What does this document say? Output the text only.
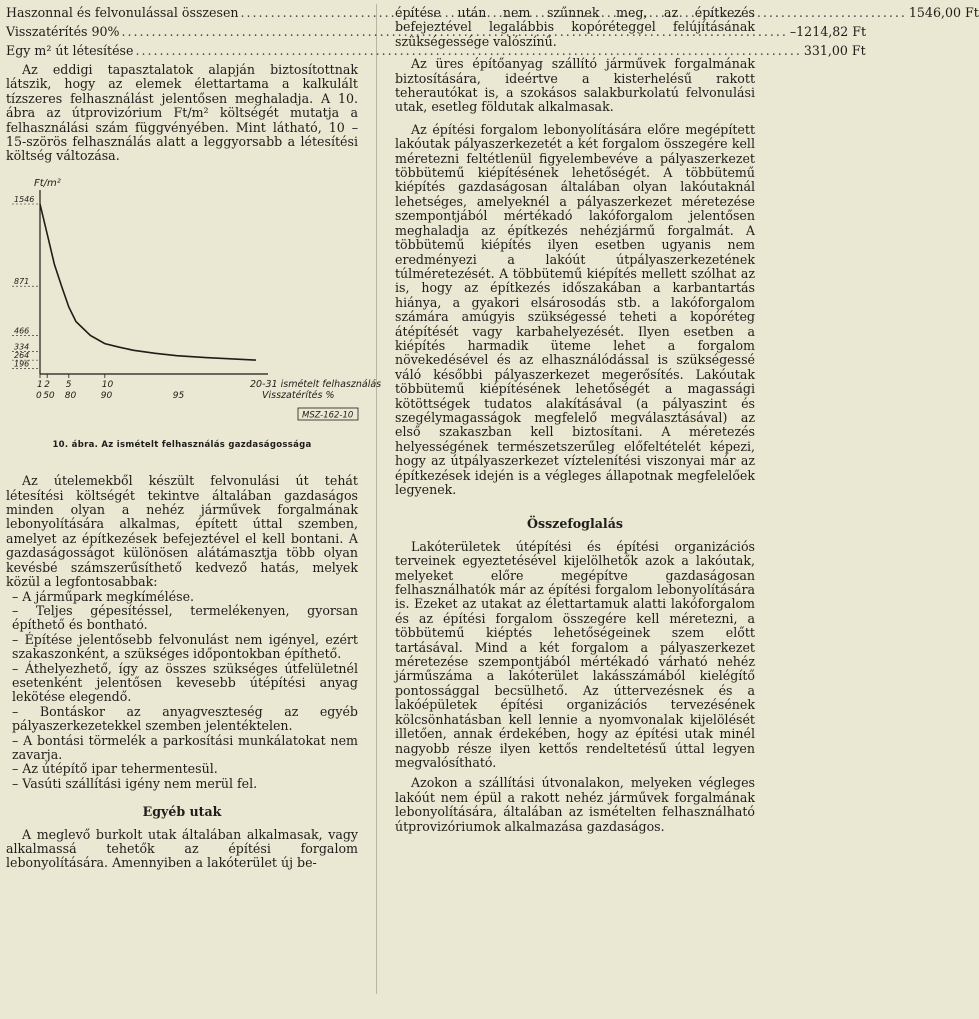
Haszonnal és felvonulással összesen .....	1546,00 Ft
Visszatérítés 90% .....	–1214,82 Ft
Egy m² út létesítése .....	331,00 Ft

Az eddigi tapasztalatok alapján biztosítottnak látszik, hogy az elemek élettartama a kalkulált tízszeres felhasználást jelentősen meghaladja. A 10. ábra az útprovizórium Ft/m² költségét mutatja a felhasználási szám függvényében. Mint látható, 10 – 15-szörös felhasználás alatt a leggyorsabb a létesítési költség változása.

Ft/m²
1546
871
466
334
264
196
1 2 5	10
0 50 80	90	95
20-31 ismételt felhasználás
Visszatérítés %
MSZ-162-10
10. ábra. Az ismételt felhasználás gazdaságossága

Az útelemekből készült felvonulási út tehát létesítési költségét tekintve általában gazdaságos minden olyan a nehéz járművek forgalmának lebonyolítására alkalmas, épített úttal szemben, amelyet az építkezések befejeztével el kell bontani. A gazdaságosságot különösen alátámasztja több olyan kevésbé számszerűsíthető kedvező hatás, melyek közül a legfontosabbak:

– A járműpark megkímélése.
– Teljes gépesítéssel, termelékenyen, gyorsan építhető és bontható.
– Építése jelentősebb felvonulást nem igényel, ezért szakaszonként, a szükséges időpontokban építhető.
– Áthelyezhető, így az összes szükséges útfelületnél esetenként jelentősen kevesebb útépítési anyag lekötése elegendő.
– Bontáskor az anyagveszteség az egyéb pályaszerkezetekkel szemben jelentéktelen.
– A bontási törmelék a parkosítási munkálatokat nem zavarja.
– Az útépítő ipar tehermentesül.
– Vasúti szállítási igény nem merül fel.
Egyéb utak

A meglevő burkolt utak általában alkalmasak, vagy alkalmassá tehetők az építési forgalom lebonyolítására. Amennyiben a lakóterület új be-

építése után nem szűnnek meg, az építkezés befejeztével legalábbis kopóréteggel felújításának szükségessége valószínű.

Az üres építőanyag szállító járművek forgalmának biztosítására, ideértve a kisterhelésű rakott teherautókat is, a szokásos salakburkolatú felvonulási utak, esetleg földutak alkalmasak.

Az építési forgalom lebonyolítására előre megépített lakóutak pályaszerkezetét a két forgalom összegére kell méretezni feltétlenül figyelembevéve a pályaszerkezet többütemű kiépítésének lehetőségét. A többütemű kiépítés gazdaságosan általában olyan lakóutaknál lehetséges, amelyeknél a pályaszerkezet méretezése szempontjából mértékadó lakóforgalom jelentősen meghaladja az építkezés nehézjármű forgalmát. A többütemű kiépítés ilyen esetben ugyanis nem eredményezi a lakóút útpályaszerkezetének túlméretezését. A többütemű kiépítés mellett szólhat az is, hogy az építkezés időszakában a karbantartás hiánya, a gyakori elsárosodás stb. a lakóforgalom számára amúgyis szükségessé teheti a kopóréteg átépítését vagy karbahelyezését. Ilyen esetben a kiépítés harmadik üteme lehet a forgalom növekedésével és az elhasználódással is szükségessé váló későbbi pályaszerkezet megerősítés. Lakóutak többütemű kiépítésének lehetőségét a magassági kötöttségek tudatos alakításával (a pályaszint és szegélymagasságok megfelelő megválasztásával) az első szakaszban kell biztosítani. A méretezés helyességének természetszerűleg előfeltételét képezi, hogy az útpályaszerkezet víztelenítési viszonyai már az építkezések idején is a végleges állapotnak megfelelőek legyenek.

Összefoglalás

Lakóterületek útépítési és építési organizációs terveinek egyeztetésével kijelölhetők azok a lakóutak, melyeket előre megépítve gazdaságosan felhasználhatók már az építési forgalom lebonyolítására is. Ezeket az utakat az élettartamuk alatti lakóforgalom és az építési forgalom összegére kell méretezni, a többütemű kiéptés lehetőségeinek szem előtt tartásával. Mind a két forgalom a pályaszerkezet méretezése szempontjából mértékadó várható nehéz járműszáma a lakóterület lakásszámából kielégítő pontossággal becsülhető. Az úttervezésnek és a lakóépületek építési organizációs tervezésének kölcsönhatásban kell lennie a nyomvonalak kijelölését illetően, annak érdekében, hogy az építési utak minél nagyobb része ilyen kettős rendeltetésű úttal legyen megvalósítható.

Azokon a szállítási útvonalakon, melyeken végleges lakóút nem épül a rakott nehéz járművek forgalmának lebonyolítására, általában az ismételten felhasználható útprovizóriumok alkalmazása gazdaságos.
